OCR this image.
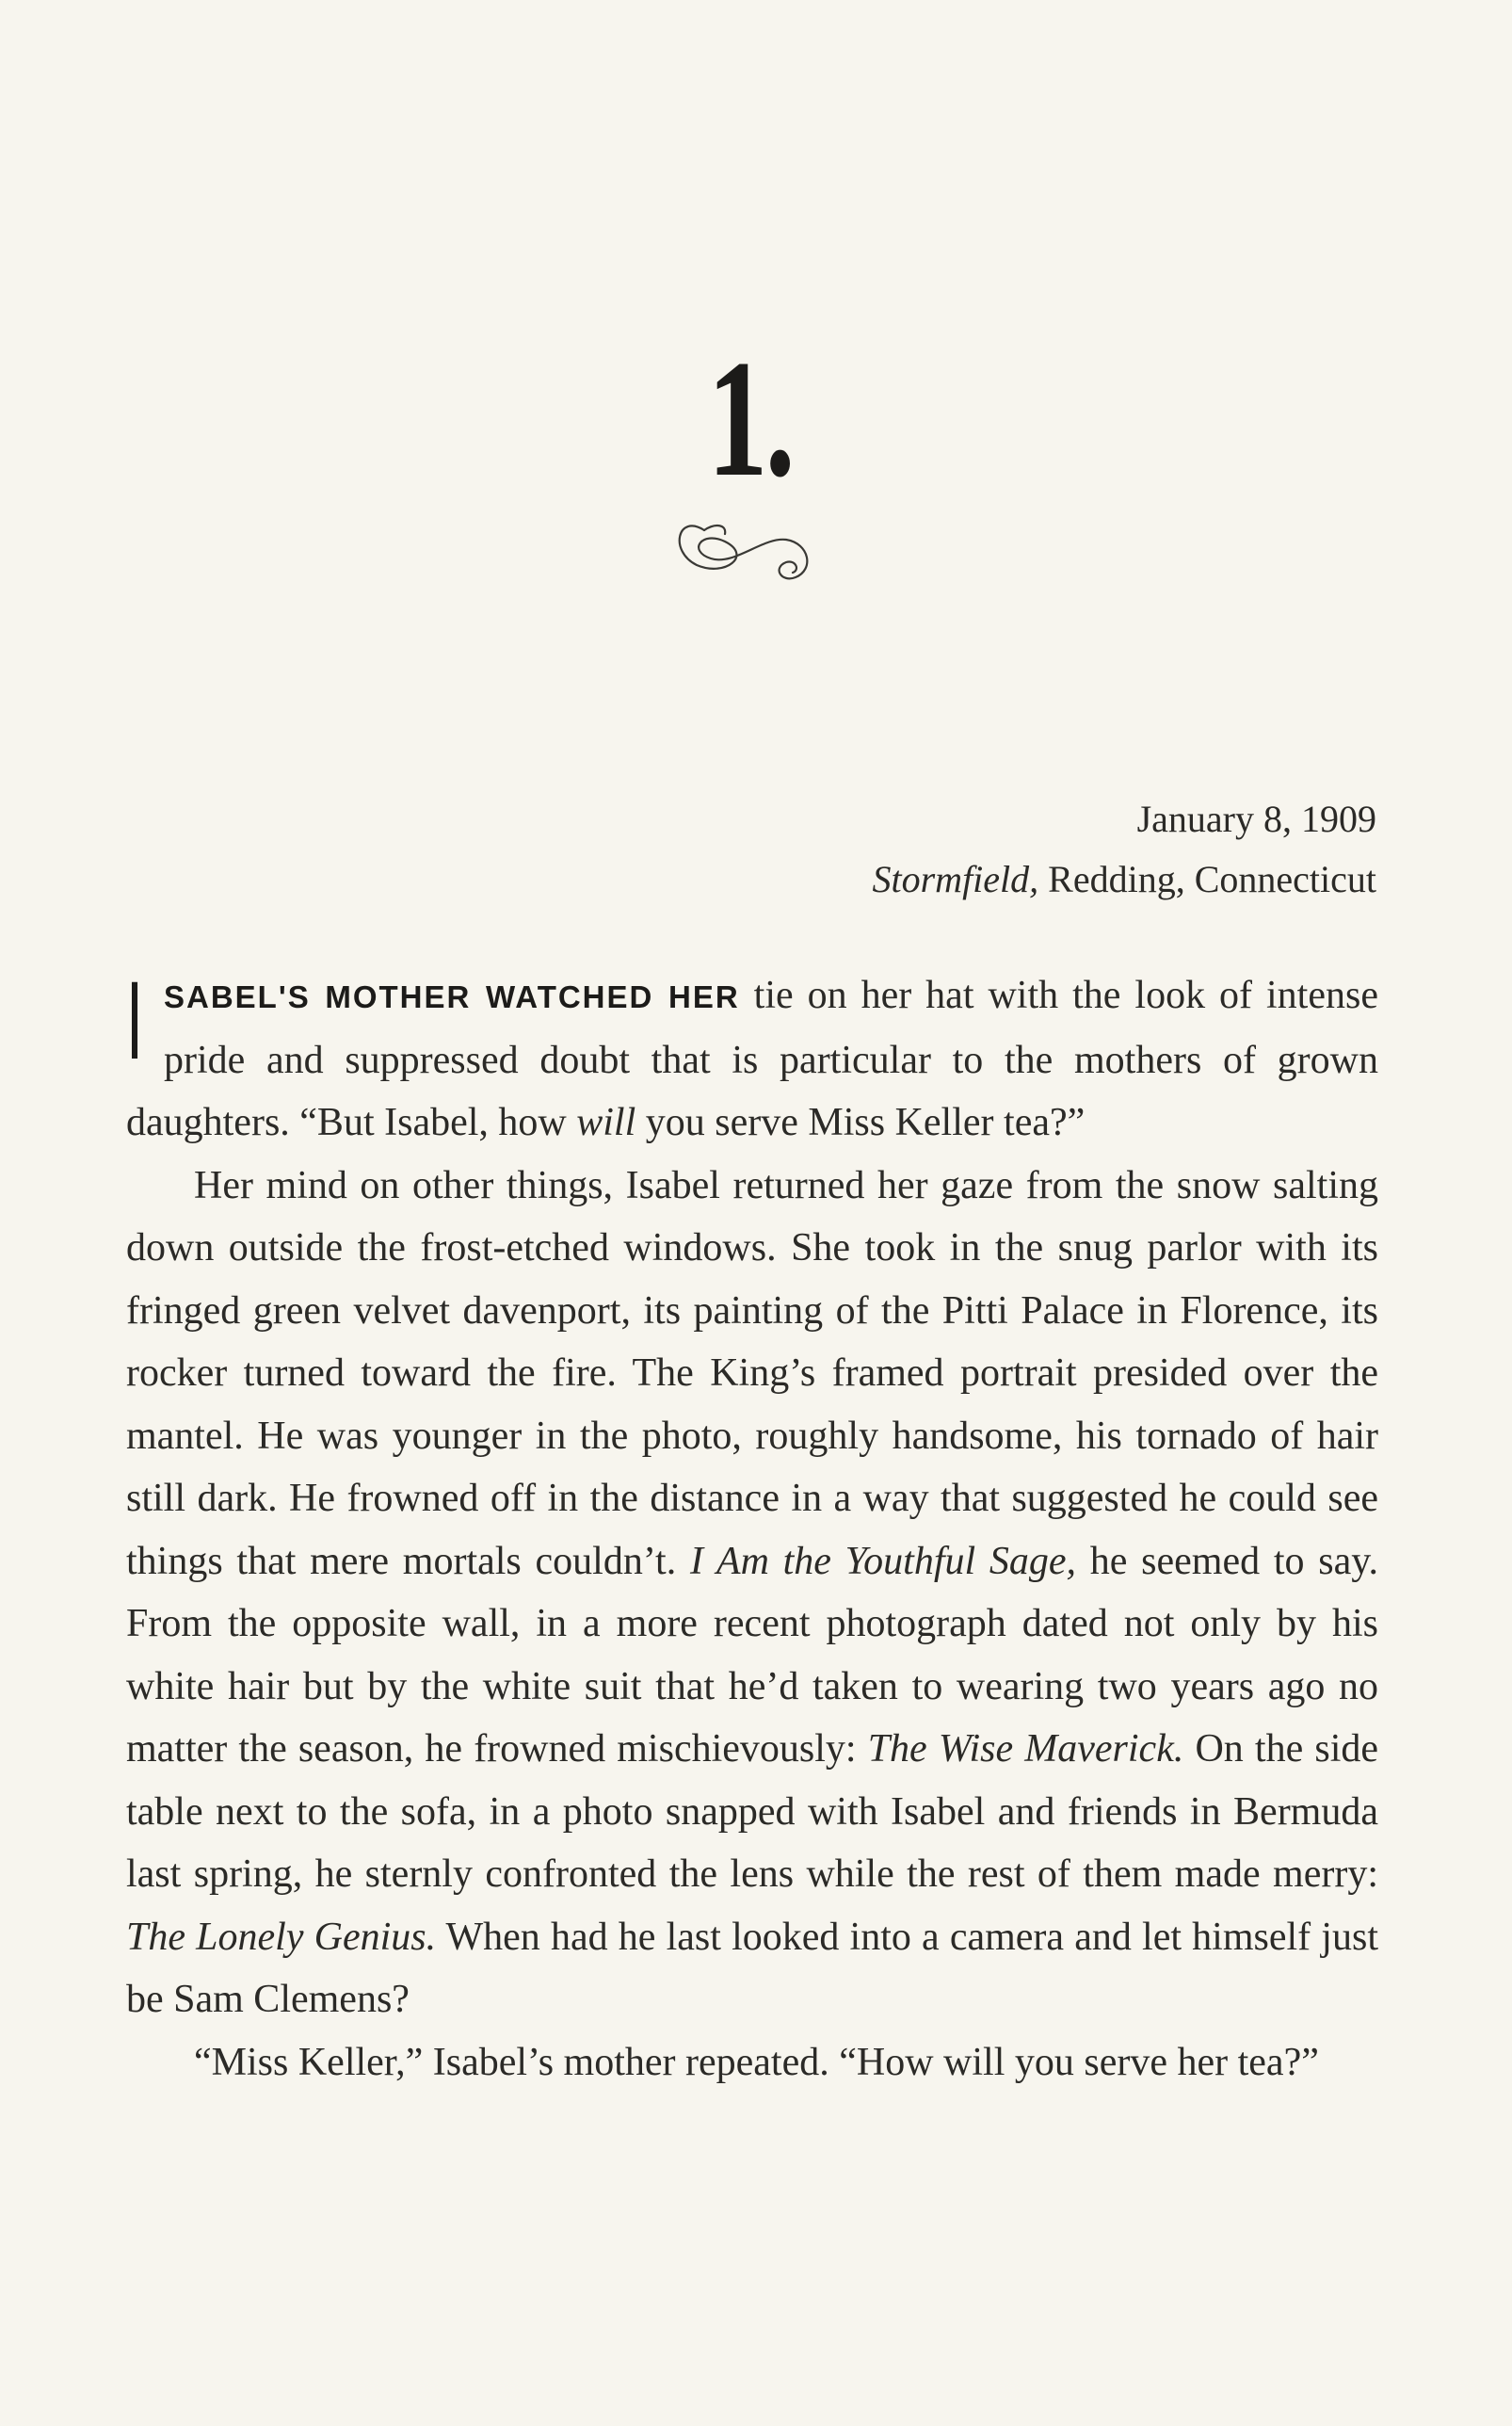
1.
January 8, 1909
Stormfield, Redding, Connecticut

ISABEL'S MOTHER WATCHED HER tie on her hat with the look of intense pride and suppressed doubt that is particular to the mothers of grown daughters. “But Isabel, how will you serve Miss Keller tea?”

Her mind on other things, Isabel returned her gaze from the snow salting down outside the frost-etched windows. She took in the snug parlor with its fringed green velvet davenport, its painting of the Pitti Palace in Florence, its rocker turned toward the fire. The King’s framed portrait presided over the mantel. He was younger in the photo, roughly handsome, his tornado of hair still dark. He frowned off in the distance in a way that suggested he could see things that mere mortals couldn’t. I Am the Youthful Sage, he seemed to say. From the opposite wall, in a more recent photograph dated not only by his white hair but by the white suit that he’d taken to wearing two years ago no matter the season, he frowned mischievously: The Wise Maverick. On the side table next to the sofa, in a photo snapped with Isabel and friends in Bermuda last spring, he sternly confronted the lens while the rest of them made merry: The Lonely Genius. When had he last looked into a camera and let himself just be Sam Clemens?

“Miss Keller,” Isabel’s mother repeated. “How will you serve her tea?”
